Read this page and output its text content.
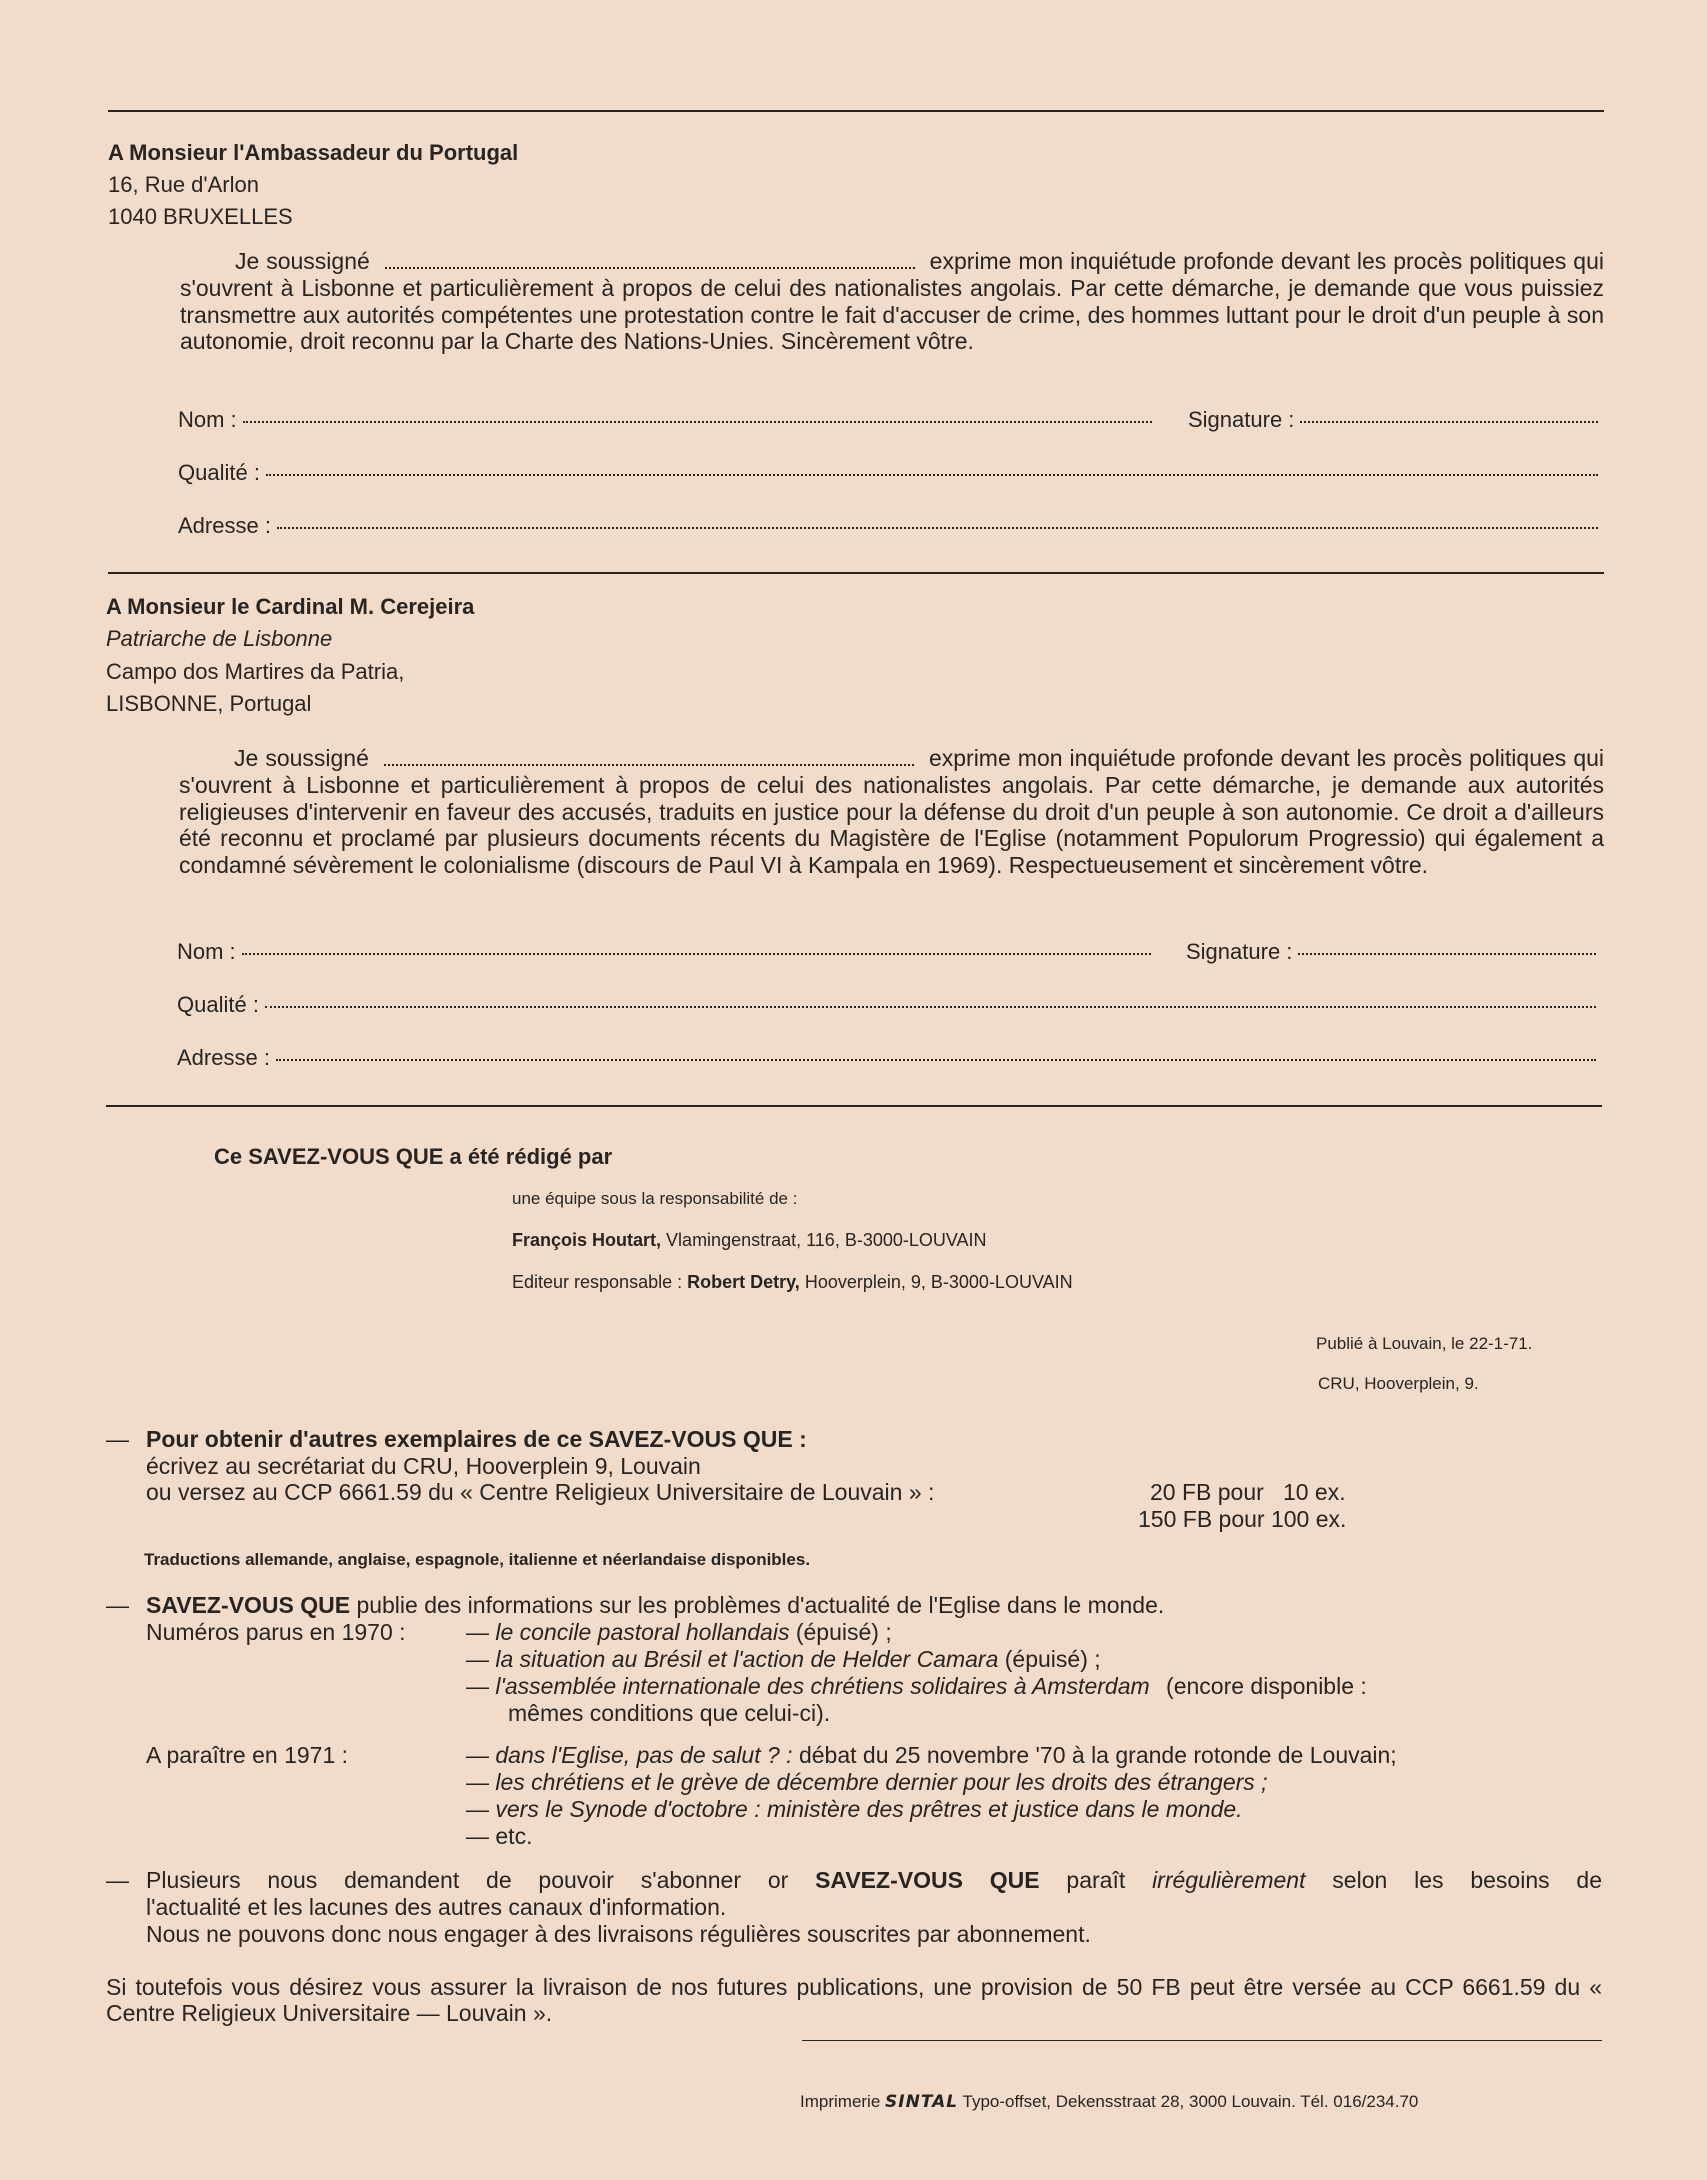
A Monsieur l'Ambassadeur du Portugal
16, Rue d'Arlon
1040 BRUXELLES
Je soussigné	exprime mon inquiétude profonde devant les procès politiques qui s'ouvrent à Lisbonne et particulièrement à propos de celui des nationalistes angolais. Par cette démarche, je demande que vous puissiez transmettre aux autorités compétentes une protestation contre le fait d'accuser de crime, des hommes luttant pour le droit d'un peuple à son autonomie, droit reconnu par la Charte des Nations-Unies. Sincèrement vôtre.
Nom :	Signature :
Qualité :
Adresse :
A Monsieur le Cardinal M. Cerejeira
Patriarche de Lisbonne
Campo dos Martires da Patria,
LISBONNE, Portugal
Je soussigné	exprime mon inquiétude profonde devant les procès politiques qui s'ouvrent à Lisbonne et particulièrement à propos de celui des nationalistes angolais. Par cette démarche, je demande aux autorités religieuses d'intervenir en faveur des accusés, traduits en justice pour la défense du droit d'un peuple à son autonomie. Ce droit a d'ailleurs été reconnu et proclamé par plusieurs documents récents du Magistère de l'Eglise (notamment Populorum Progressio) qui également a condamné sévèrement le colonialisme (discours de Paul VI à Kampala en 1969). Respectueusement et sincèrement vôtre.
Nom :	Signature :
Qualité :
Adresse :
Ce SAVEZ-VOUS QUE a été rédigé par
une équipe sous la responsabilité de :
François Houtart, Vlamingenstraat, 116, B-3000-LOUVAIN
Editeur responsable : Robert Detry, Hooverplein, 9, B-3000-LOUVAIN
Publié à Louvain, le 22-1-71.
CRU, Hooverplein, 9.
— Pour obtenir d'autres exemplaires de ce SAVEZ-VOUS QUE :
écrivez au secrétariat du CRU, Hooverplein 9, Louvain
ou versez au CCP 6661.59 du « Centre Religieux Universitaire de Louvain » :	20 FB pour   10 ex.
150 FB pour 100 ex.
Traductions allemande, anglaise, espagnole, italienne et néerlandaise disponibles.
— SAVEZ-VOUS QUE publie des informations sur les problèmes d'actualité de l'Eglise dans le monde.
Numéros parus en 1970 :	— le concile pastoral hollandais (épuisé) ;
— la situation au Brésil et l'action de Helder Camara (épuisé) ;
— l'assemblée internationale des chrétiens solidaires à Amsterdam (encore disponible :
mêmes conditions que celui-ci).
A paraître en 1971 :	— dans l'Eglise, pas de salut ? : débat du 25 novembre '70 à la grande rotonde de Louvain;
— les chrétiens et le grève de décembre dernier pour les droits des étrangers ;
— vers le Synode d'octobre : ministère des prêtres et justice dans le monde.
— etc.
— Plusieurs nous demandent de pouvoir s'abonner or SAVEZ-VOUS QUE paraît irrégulièrement selon les besoins de
l'actualité et les lacunes des autres canaux d'information.
Nous ne pouvons donc nous engager à des livraisons régulières souscrites par abonnement.
Si toutefois vous désirez vous assurer la livraison de nos futures publications, une provision de 50 FB peut être versée au CCP 6661.59 du « Centre Religieux Universitaire — Louvain ».
Imprimerie SINTAL Typo-offset, Dekensstraat 28, 3000 Louvain. Tél. 016/234.70
